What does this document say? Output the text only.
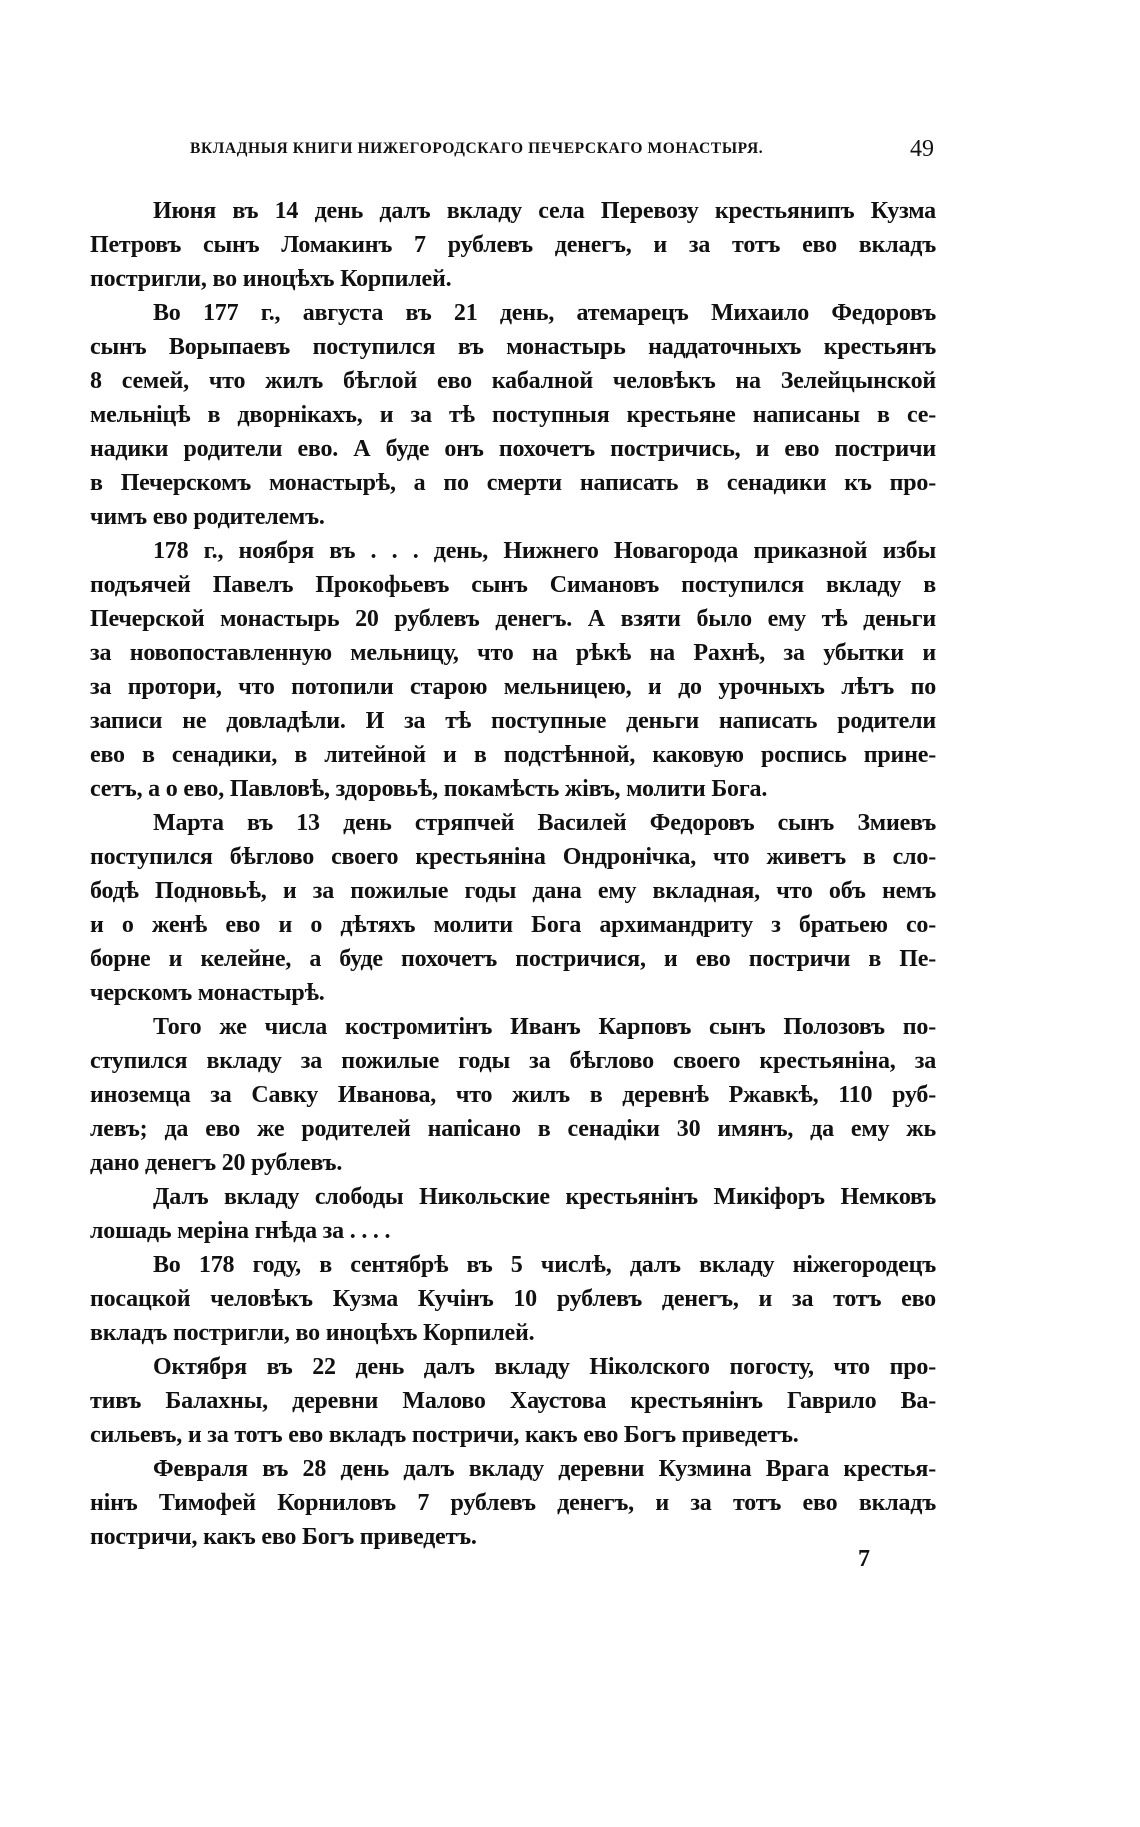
ВКЛАДНЫЯ КНИГИ НИЖЕГОРОДСКАГО ПЕЧЕРСКАГО МОНАСТЫРЯ.	49
Июня въ 14 день далъ вкладу села Перевозу крестьянипъ Кузма
Петровъ сынъ Ломакинъ 7 рублевъ денегъ, и за тотъ ево вкладъ
постригли, во иноцѣхъ Корпилей.
Во 177 г., августа въ 21 день, атемарецъ Михаило Федоровъ
сынъ Ворыпаевъ поступился въ монастырь наддаточныхъ крестьянъ
8 семей, что жилъ бѣглой ево кабалной человѣкъ на Зелейцынской
мельніцѣ в дворнікахъ, и за тѣ поступныя крестьяне написаны в се-
надики родители ево. А буде онъ похочетъ постричись, и ево постричи
в Печерскомъ монастырѣ, а по смерти написать в сенадики къ про-
чимъ ево родителемъ.
178 г., ноября въ . . . день, Нижнего Новагорода приказной избы
подъячей Павелъ Прокофьевъ сынъ Симановъ поступился вкладу в
Печерской монастырь 20 рублевъ денегъ. А взяти было ему тѣ деньги
за новопоставленную мельницу, что на рѣкѣ на Рахнѣ, за убытки и
за протори, что потопили старою мельницею, и до урочныхъ лѣтъ по
записи не довладѣли. И за тѣ поступные деньги написать родители
ево в сенадики, в литейной и в подстѣнной, каковую роспись прине-
сетъ, а о ево, Павловѣ, здоровьѣ, покамѣсть жівъ, молити Бога.
Марта въ 13 день стряпчей Василей Федоровъ сынъ Змиевъ
поступился бѣглово своего крестьяніна Ондронічка, что живетъ в сло-
бодѣ Подновьѣ, и за пожилые годы дана ему вкладная, что объ немъ
и о женѣ ево и о дѣтяхъ молити Бога архимандриту з братьею со-
борне и келейне, а буде похочетъ постричися, и ево постричи в Пе-
черскомъ монастырѣ.
Того же числа костромитінъ Иванъ Карповъ сынъ Полозовъ по-
ступился вкладу за пожилые годы за бѣглово своего крестьяніна, за
иноземца за Савку Иванова, что жилъ в деревнѣ Ржавкѣ, 110 руб-
левъ; да ево же родителей напісано в сенадіки 30 имянъ, да ему жь
дано денегъ 20 рублевъ.
Далъ вкладу слободы Никольские крестьянінъ Микіфоръ Немковъ
лошадь меріна гнѣда за . . . .
Во 178 году, в сентябрѣ въ 5 числѣ, далъ вкладу ніжегородецъ
посацкой человѣкъ Кузма Кучінъ 10 рублевъ денегъ, и за тотъ ево
вкладъ постригли, во иноцѣхъ Корпилей.
Октября въ 22 день далъ вкладу Ніколского погосту, что про-
тивъ Балахны, деревни Малово Хаустова крестьянінъ Гаврило Ва-
сильевъ, и за тотъ ево вкладъ постричи, какъ ево Богъ приведетъ.
Февраля въ 28 день далъ вкладу деревни Кузмина Врага крестья-
нінъ Тимофей Корниловъ 7 рублевъ денегъ, и за тотъ ево вкладъ
постричи, какъ ево Богъ приведетъ.
7
